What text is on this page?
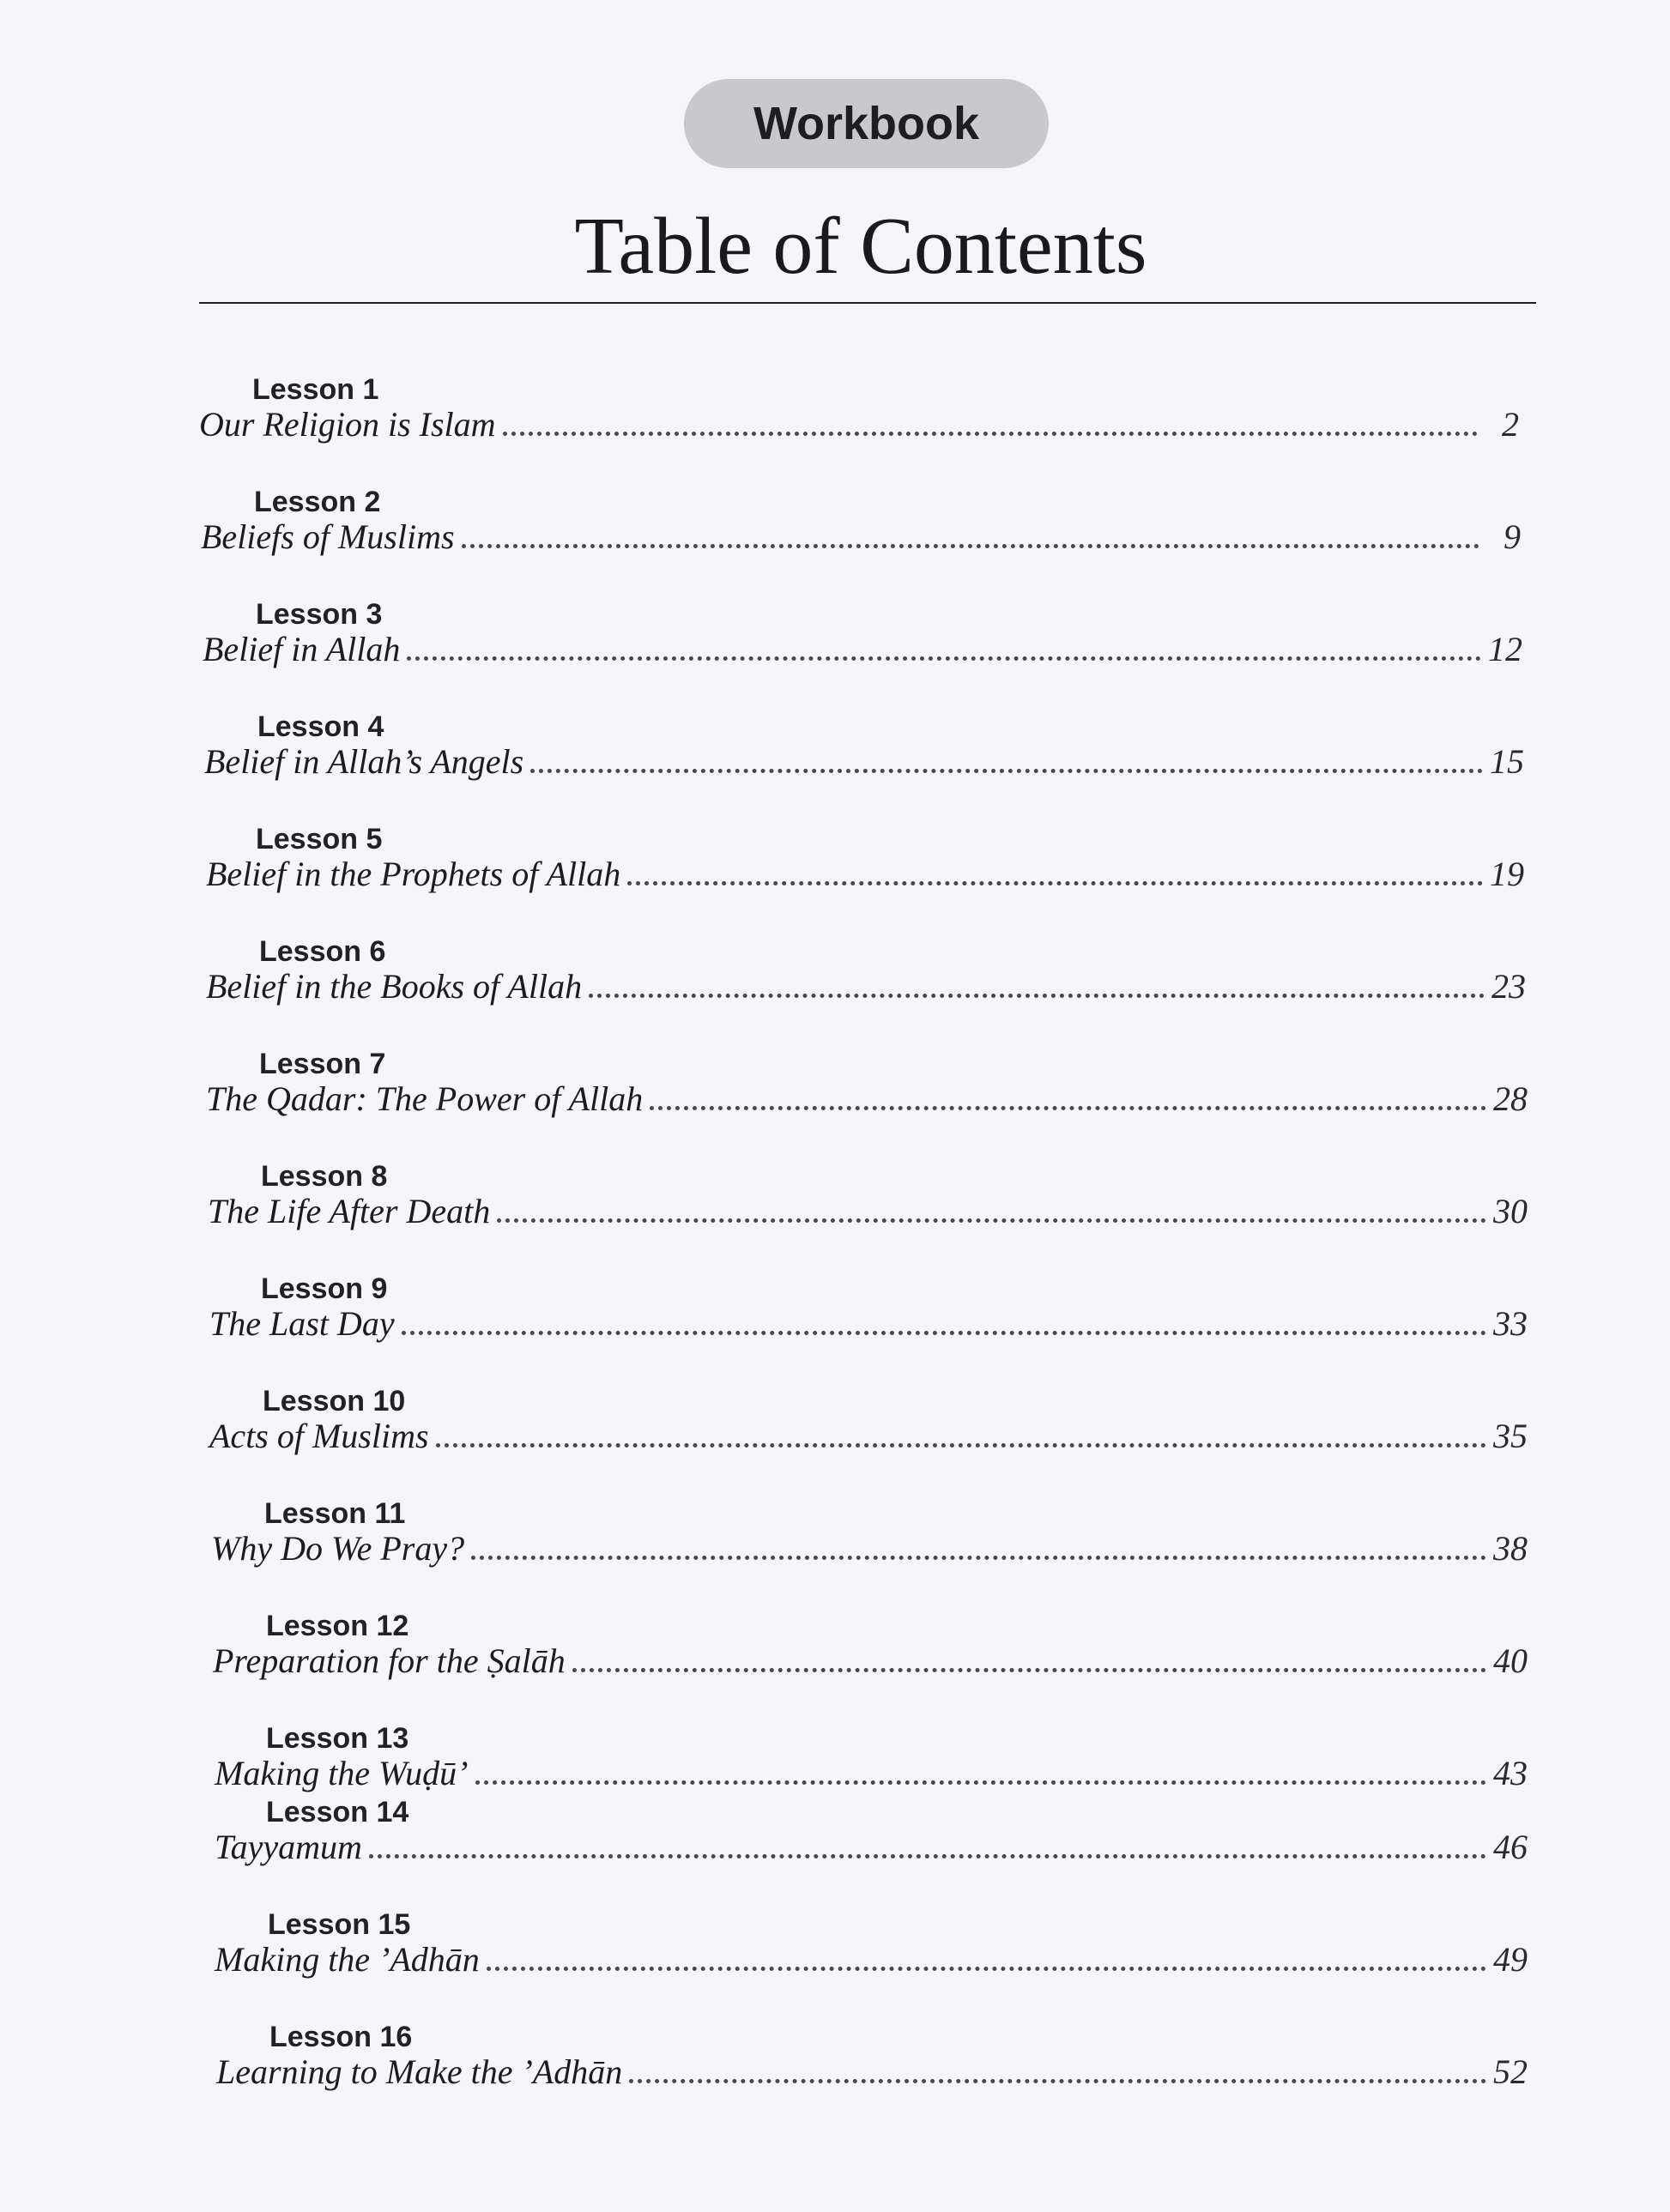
Workbook
Table of Contents
Lesson 1
Our Religion is Islam	2
Lesson 2
Beliefs of Muslims	9
Lesson 3
Belief in Allah	12
Lesson 4
Belief in Allah’s Angels	15
Lesson 5
Belief in the Prophets of Allah	19
Lesson 6
Belief in the Books of Allah	23
Lesson 7
The Qadar: The Power of Allah	28
Lesson 8
The Life After Death	30
Lesson 9
The Last Day	33
Lesson 10
Acts of Muslims	35
Lesson 11
Why Do We Pray?	38
Lesson 12
Preparation for the Ṣalāh	40
Lesson 13
Making the Wuḍū’	43
Lesson 14
Tayyamum	46
Lesson 15
Making the ’Adhān	49
Lesson 16
Learning to Make the ’Adhān	52
